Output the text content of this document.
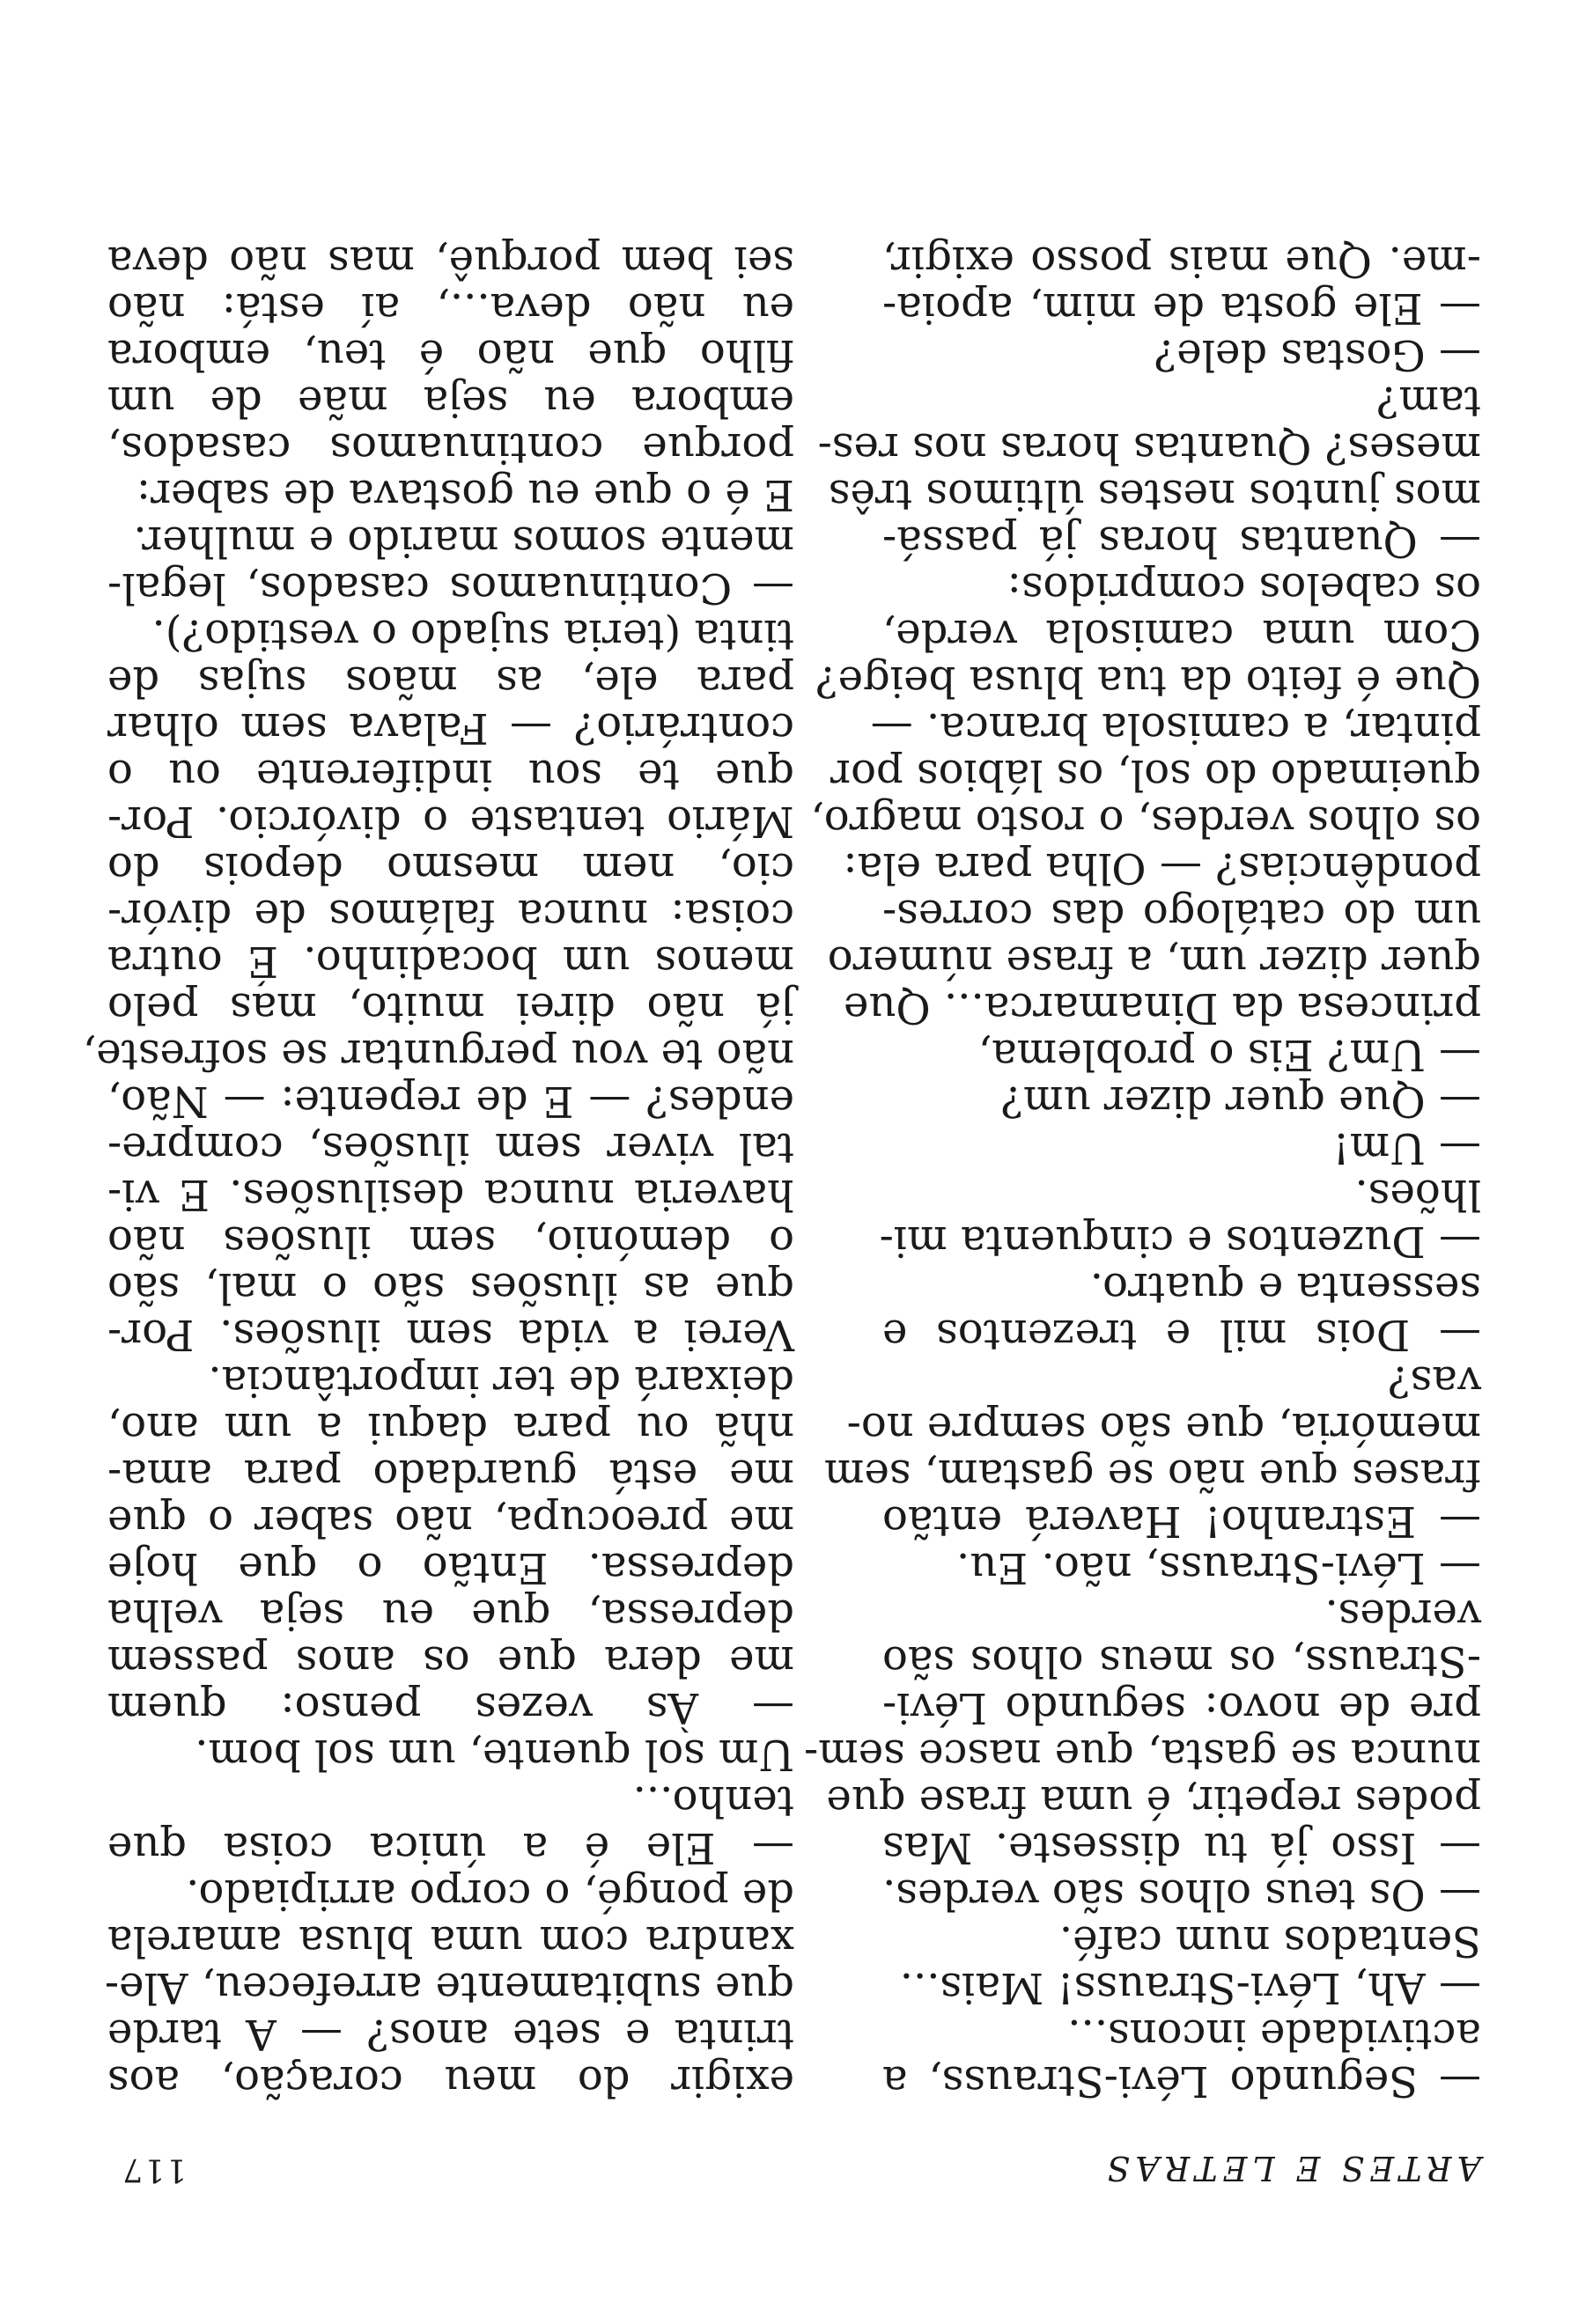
ARTES E LETRAS
117
— Segundo Lévi-Strauss, a
actividade incons...
— Ah, Lévi-Strauss! Mais...
Sentados num café.
— Os teus olhos são verdes.
— Isso já tu disseste. Mas
podes repetir, é uma frase que
nunca se gasta, que nasce sem-
pre de novo: segundo Lévi-
-Strauss, os meus olhos são
verdes.
— Lévi-Strauss, não. Eu.
— Estranho! Haverá então
frases que não se gastam, sem
memória, que são sempre no-
vas?
— Dois mil e trezentos e
sessenta e quatro.
— Duzentos e cinquenta mi-
lhões.
— Um!
— Que quer dizer um?
— Um? Eis o problema,
princesa da Dinamarca... Que
quer dizer um, a frase número
um do catálogo das corres-
pondências? — Olha para ela:
os olhos verdes, o rosto magro,
queimado do sol, os lábios por
pintar, a camisola branca. —
Que é feito da tua blusa beige?
Com uma camisola verde,
os cabelos compridos:
— Quantas horas já passá-
mos juntos nestes últimos três
meses? Quantas horas nos res-
tam?
— Gostas dele?
— Ele gosta de mim, apoia-
-me. Que mais posso exigir,
exigir do meu coração, aos
trinta e sete anos? — A tarde
que subitamente arrefeceu, Ale-
xandra com uma blusa amarela
de pongé, o corpo arripiado.
— Ele é a única coisa que
tenho...
Um sol quente, um sol bom.
— Às vezes penso: quem
me dera que os anos passem
depressa, que eu seja velha
depressa. Então o que hoje
me preocupa, não saber o que
me está guardado para ama-
nhã ou para daqui a um ano,
deixará de ter importância.
Verei a vida sem ilusões. Por-
que as ilusões são o mal, são
o demónio, sem ilusões não
haveria nunca desilusões. E vi-
tal viver sem ilusões, compre-
endes? — E de repente: — Não,
não te vou perguntar se sofreste,
já não direi muito, mas pelo
menos um bocadinho. É outra
coisa: nunca falámos de divór-
cio, nem mesmo depois do
Mário tentaste o divórcio. Por-
que te sou indiferente ou o
contrário? — Falava sem olhar
para ele, as mãos sujas de
tinta (teria sujado o vestido?).
— Continuamos casados, legal-
mente somos marido e mulher.
E é o que eu gostava de saber:
porque continuamos casados,
embora eu seja mãe de um
filho que não é teu, embora
eu não deva..., aí está: não
sei bem porquê, mas não deva
